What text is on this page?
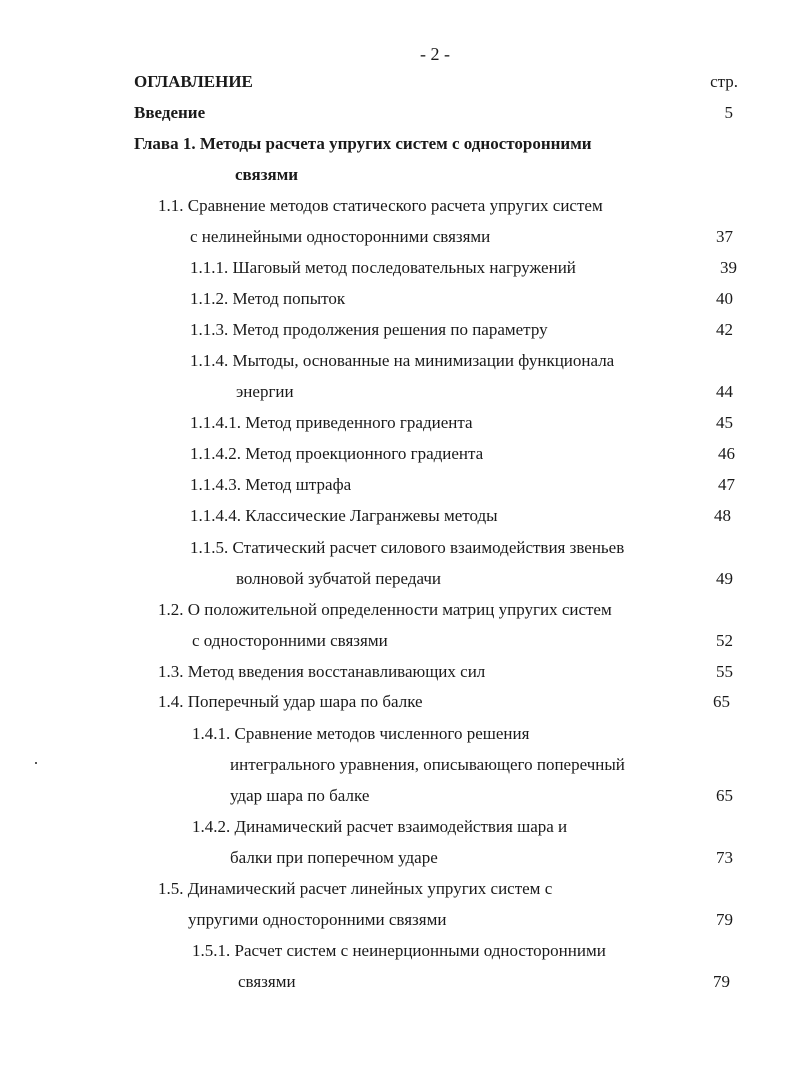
- 2 -
ОГЛАВЛЕНИЕ	стр.
Введение	5
Глава 1. Методы расчета упругих систем с односторонними
связями
1.1. Сравнение методов статического расчета упругих систем
с нелинейными односторонними связями	37
1.1.1. Шаговый метод последовательных нагружений	39
1.1.2. Метод попыток	40
1.1.3. Метод продолжения решения по параметру	42
1.1.4. Мытоды, основанные на минимизации функционала
энергии	44
1.1.4.1. Метод приведенного градиента	45
1.1.4.2. Метод проекционного градиента	46
1.1.4.3. Метод штрафа	47
1.1.4.4. Классические Лагранжевы методы	48
1.1.5. Статический расчет силового взаимодействия звеньев
волновой зубчатой передачи	49
1.2. О положительной определенности матриц упругих систем
с односторонними связями	52
1.3. Метод введения восстанавливающих сил	55
1.4. Поперечный удар шара по балке	65
1.4.1. Сравнение методов численного решения
интегрального уравнения, описывающего поперечный
удар шара по балке	65
1.4.2. Динамический расчет взаимодействия шара и
балки при поперечном ударе	73
1.5. Динамический расчет линейных упругих систем с
упругими односторонними связями	79
1.5.1. Расчет систем с неинерционными односторонними
связями	79
